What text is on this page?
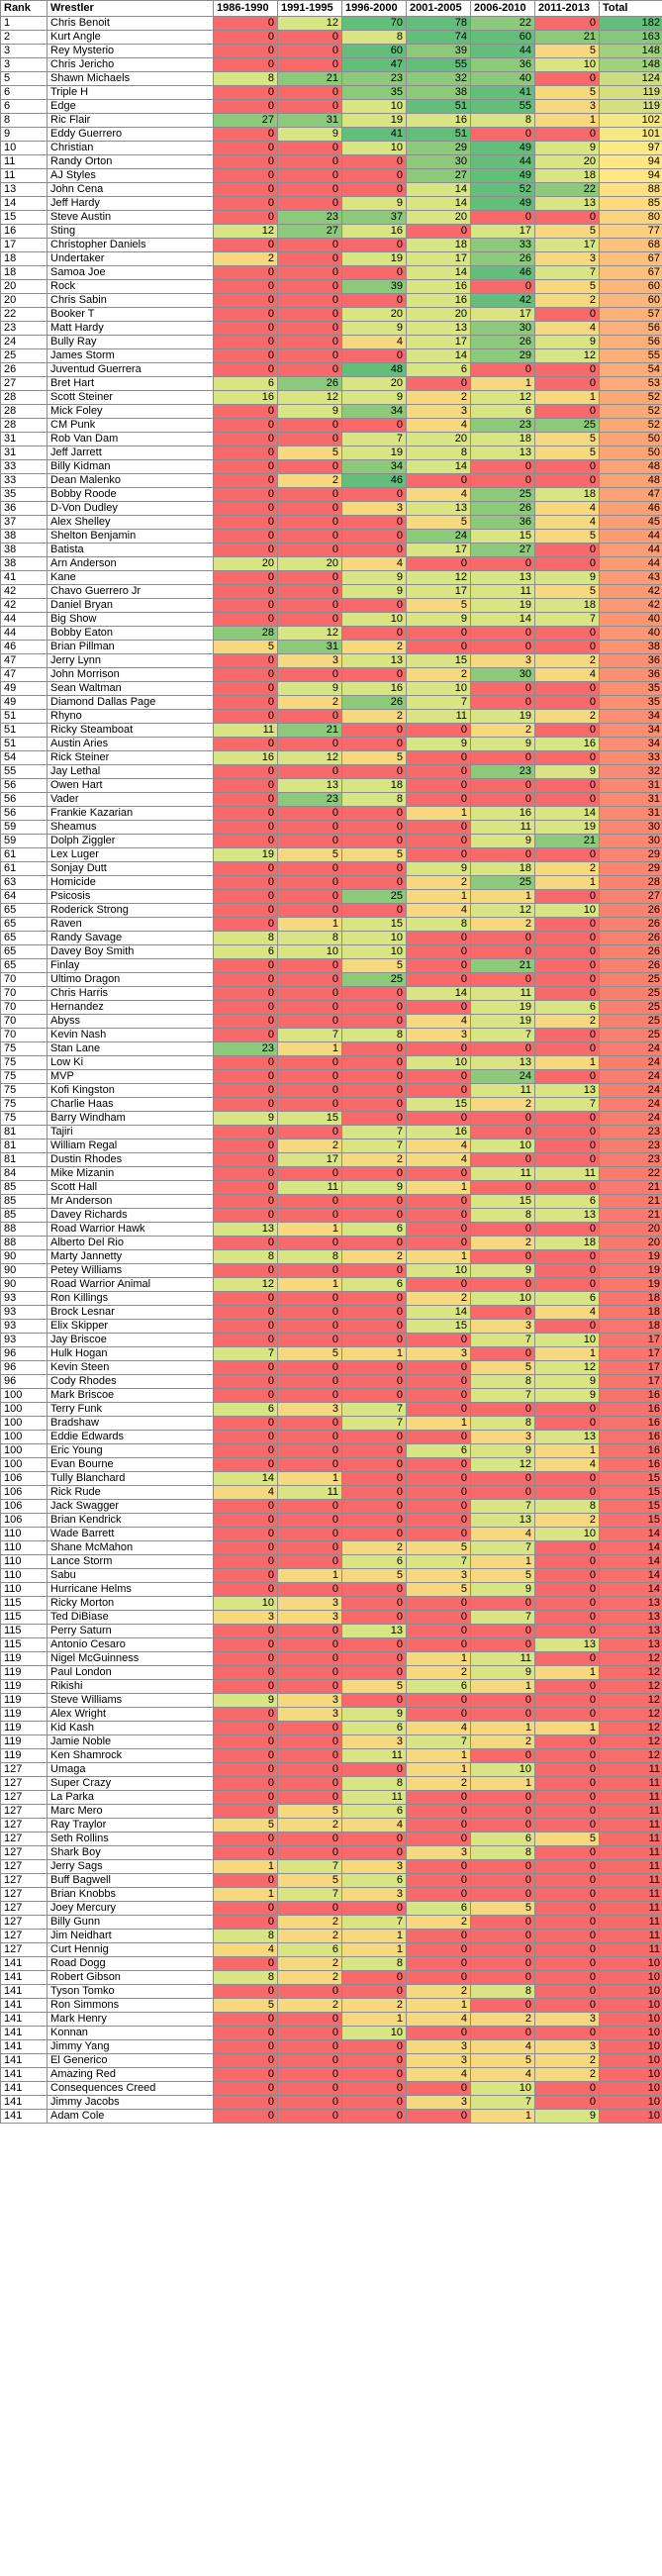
Rank	Wrestler	1986-1990	1991-1995	1996-2000	2001-2005	2006-2010	2011-2013	Total
1	Chris Benoit	0	12	70	78	22	0	182
2	Kurt Angle	0	0	8	74	60	21	163
3	Rey Mysterio	0	0	60	39	44	5	148
3	Chris Jericho	0	0	47	55	36	10	148
5	Shawn Michaels	8	21	23	32	40	0	124
6	Triple H	0	0	35	38	41	5	119
6	Edge	0	0	10	51	55	3	119
8	Ric Flair	27	31	19	16	8	1	102
9	Eddy Guerrero	0	9	41	51	0	0	101
10	Christian	0	0	10	29	49	9	97
11	Randy Orton	0	0	0	30	44	20	94
11	AJ Styles	0	0	0	27	49	18	94
13	John Cena	0	0	0	14	52	22	88
14	Jeff Hardy	0	0	9	14	49	13	85
15	Steve Austin	0	23	37	20	0	0	80
16	Sting	12	27	16	0	17	5	77
17	Christopher Daniels	0	0	0	18	33	17	68
18	Undertaker	2	0	19	17	26	3	67
18	Samoa Joe	0	0	0	14	46	7	67
20	Rock	0	0	39	16	0	5	60
20	Chris Sabin	0	0	0	16	42	2	60
22	Booker T	0	0	20	20	17	0	57
23	Matt Hardy	0	0	9	13	30	4	56
24	Bully Ray	0	0	4	17	26	9	56
25	James Storm	0	0	0	14	29	12	55
26	Juventud Guerrera	0	0	48	6	0	0	54
27	Bret Hart	6	26	20	0	1	0	53
28	Scott Steiner	16	12	9	2	12	1	52
28	Mick Foley	0	9	34	3	6	0	52
28	CM Punk	0	0	0	4	23	25	52
31	Rob Van Dam	0	0	7	20	18	5	50
31	Jeff Jarrett	0	5	19	8	13	5	50
33	Billy Kidman	0	0	34	14	0	0	48
33	Dean Malenko	0	2	46	0	0	0	48
35	Bobby Roode	0	0	0	4	25	18	47
36	D-Von Dudley	0	0	3	13	26	4	46
37	Alex Shelley	0	0	0	5	36	4	45
38	Shelton Benjamin	0	0	0	24	15	5	44
38	Batista	0	0	0	17	27	0	44
38	Arn Anderson	20	20	4	0	0	0	44
41	Kane	0	0	9	12	13	9	43
42	Chavo Guerrero Jr	0	0	9	17	11	5	42
42	Daniel Bryan	0	0	0	5	19	18	42
44	Big Show	0	0	10	9	14	7	40
44	Bobby Eaton	28	12	0	0	0	0	40
46	Brian Pillman	5	31	2	0	0	0	38
47	Jerry Lynn	0	3	13	15	3	2	36
47	John Morrison	0	0	0	2	30	4	36
49	Sean Waltman	0	9	16	10	0	0	35
49	Diamond Dallas Page	0	2	26	7	0	0	35
51	Rhyno	0	0	2	11	19	2	34
51	Ricky Steamboat	11	21	0	0	2	0	34
51	Austin Aries	0	0	0	9	9	16	34
54	Rick Steiner	16	12	5	0	0	0	33
55	Jay Lethal	0	0	0	0	23	9	32
56	Owen Hart	0	13	18	0	0	0	31
56	Vader	0	23	8	0	0	0	31
56	Frankie Kazarian	0	0	0	1	16	14	31
59	Sheamus	0	0	0	0	11	19	30
59	Dolph Ziggler	0	0	0	0	9	21	30
61	Lex Luger	19	5	5	0	0	0	29
61	Sonjay Dutt	0	0	0	9	18	2	29
63	Homicide	0	0	0	2	25	1	28
64	Psicosis	0	0	25	1	1	0	27
65	Roderick Strong	0	0	0	4	12	10	26
65	Raven	0	1	15	8	2	0	26
65	Randy Savage	8	8	10	0	0	0	26
65	Davey Boy Smith	6	10	10	0	0	0	26
65	Finlay	0	0	5	0	21	0	26
70	Ultimo Dragon	0	0	25	0	0	0	25
70	Chris Harris	0	0	0	14	11	0	25
70	Hernandez	0	0	0	0	19	6	25
70	Abyss	0	0	0	4	19	2	25
70	Kevin Nash	0	7	8	3	7	0	25
75	Stan Lane	23	1	0	0	0	0	24
75	Low Ki	0	0	0	10	13	1	24
75	MVP	0	0	0	0	24	0	24
75	Kofi Kingston	0	0	0	0	11	13	24
75	Charlie Haas	0	0	0	15	2	7	24
75	Barry Windham	9	15	0	0	0	0	24
81	Tajiri	0	0	7	16	0	0	23
81	William Regal	0	2	7	4	10	0	23
81	Dustin Rhodes	0	17	2	4	0	0	23
84	Mike Mizanin	0	0	0	0	11	11	22
85	Scott Hall	0	11	9	1	0	0	21
85	Mr Anderson	0	0	0	0	15	6	21
85	Davey Richards	0	0	0	0	8	13	21
88	Road Warrior Hawk	13	1	6	0	0	0	20
88	Alberto Del Rio	0	0	0	0	2	18	20
90	Marty Jannetty	8	8	2	1	0	0	19
90	Petey Williams	0	0	0	10	9	0	19
90	Road Warrior Animal	12	1	6	0	0	0	19
93	Ron Killings	0	0	0	2	10	6	18
93	Brock Lesnar	0	0	0	14	0	4	18
93	Elix Skipper	0	0	0	15	3	0	18
93	Jay Briscoe	0	0	0	0	7	10	17
96	Hulk Hogan	7	5	1	3	0	1	17
96	Kevin Steen	0	0	0	0	5	12	17
96	Cody Rhodes	0	0	0	0	8	9	17
100	Mark Briscoe	0	0	0	0	7	9	16
100	Terry Funk	6	3	7	0	0	0	16
100	Bradshaw	0	0	7	1	8	0	16
100	Eddie Edwards	0	0	0	0	3	13	16
100	Eric Young	0	0	0	6	9	1	16
100	Evan Bourne	0	0	0	0	12	4	16
106	Tully Blanchard	14	1	0	0	0	0	15
106	Rick Rude	4	11	0	0	0	0	15
106	Jack Swagger	0	0	0	0	7	8	15
106	Brian Kendrick	0	0	0	0	13	2	15
110	Wade Barrett	0	0	0	0	4	10	14
110	Shane McMahon	0	0	2	5	7	0	14
110	Lance Storm	0	0	6	7	1	0	14
110	Sabu	0	1	5	3	5	0	14
110	Hurricane Helms	0	0	0	5	9	0	14
115	Ricky Morton	10	3	0	0	0	0	13
115	Ted DiBiase	3	3	0	0	7	0	13
115	Perry Saturn	0	0	13	0	0	0	13
115	Antonio Cesaro	0	0	0	0	0	13	13
119	Nigel McGuinness	0	0	0	1	11	0	12
119	Paul London	0	0	0	2	9	1	12
119	Rikishi	0	0	5	6	1	0	12
119	Steve Williams	9	3	0	0	0	0	12
119	Alex Wright	0	3	9	0	0	0	12
119	Kid Kash	0	0	6	4	1	1	12
119	Jamie Noble	0	0	3	7	2	0	12
119	Ken Shamrock	0	0	11	1	0	0	12
127	Umaga	0	0	0	1	10	0	11
127	Super Crazy	0	0	8	2	1	0	11
127	La Parka	0	0	11	0	0	0	11
127	Marc Mero	0	5	6	0	0	0	11
127	Ray Traylor	5	2	4	0	0	0	11
127	Seth Rollins	0	0	0	0	6	5	11
127	Shark Boy	0	0	0	3	8	0	11
127	Jerry Sags	1	7	3	0	0	0	11
127	Buff Bagwell	0	5	6	0	0	0	11
127	Brian Knobbs	1	7	3	0	0	0	11
127	Joey Mercury	0	0	0	6	5	0	11
127	Billy Gunn	0	2	7	2	0	0	11
127	Jim Neidhart	8	2	1	0	0	0	11
127	Curt Hennig	4	6	1	0	0	0	11
141	Road Dogg	0	2	8	0	0	0	10
141	Robert Gibson	8	2	0	0	0	0	10
141	Tyson Tomko	0	0	0	2	8	0	10
141	Ron Simmons	5	2	2	1	0	0	10
141	Mark Henry	0	0	1	4	2	3	10
141	Konnan	0	0	10	0	0	0	10
141	Jimmy Yang	0	0	0	3	4	3	10
141	El Generico	0	0	0	3	5	2	10
141	Amazing Red	0	0	0	4	4	2	10
141	Consequences Creed	0	0	0	0	10	0	10
141	Jimmy Jacobs	0	0	0	3	7	0	10
141	Adam Cole	0	0	0	0	1	9	10
